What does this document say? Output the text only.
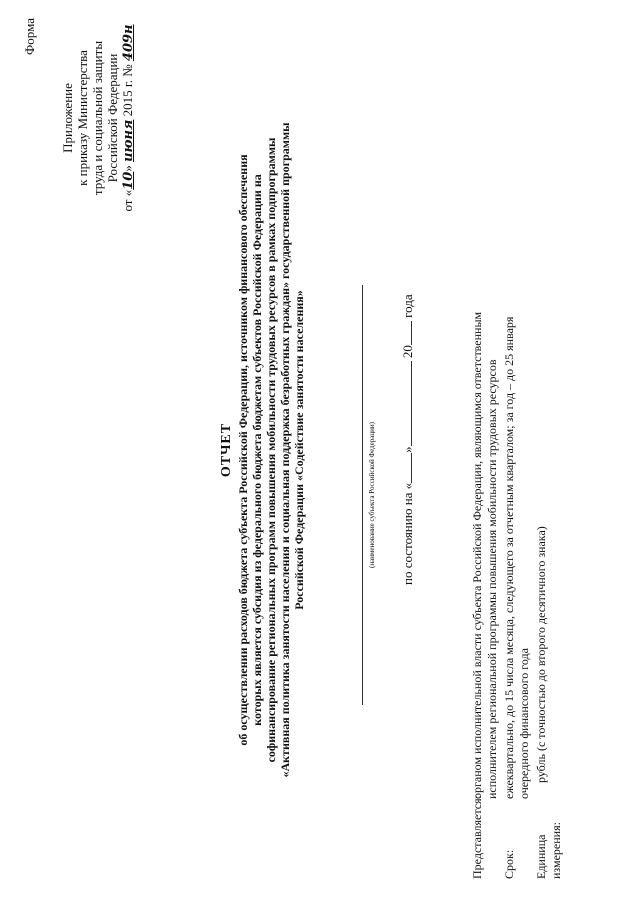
Форма
Приложение к приказу Министерства труда и социальной защиты Российской Федерации
от «10» июня 2015 г. № 409н
ОТЧЕТ об осуществлении расходов бюджета субъекта Российской Федерации, источником финансового обеспечения которых является субсидия из федерального бюджета бюджетам субъектов Российской Федерации на софинансирование региональных программ повышения мобильности трудовых ресурсов в рамках подпрограммы «Активная политика занятости населения и социальная поддержка безработных граждан» государственной программы Российской Федерации «Содействие занятости населения»	(наименование субъекта Российской Федерации) по состоянию на «» 20 года
Представляется:
органом исполнительной власти субъекта Российской Федерации, являющимся ответственным исполнителем региональной программы повышения мобильности трудовых ресурсов
Срок:
ежеквартально, до 15 числа месяца, следующего за отчетным кварталом; за год – до 25 января очередного финансового года
Единица измерения:
рубль (с точностью до второго десятичного знака)
